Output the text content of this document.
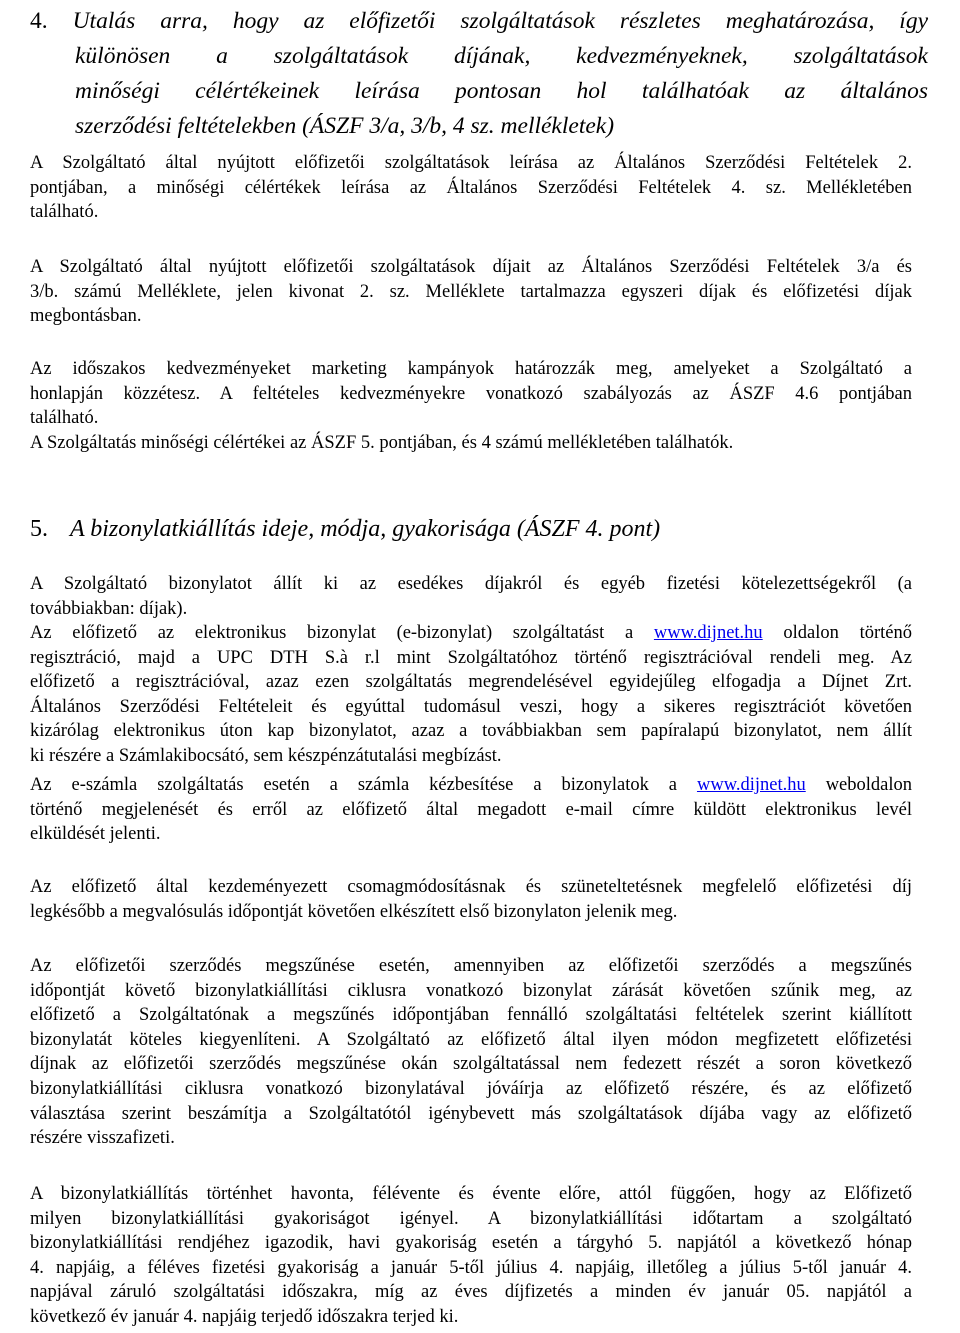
4. Utalás arra, hogy az előfizetői szolgáltatások részletes meghatározása, így
különösen a szolgáltatások díjának, kedvezményeknek, szolgáltatások
minőségi célértékeinek leírása pontosan hol találhatóak az általános
szerződési feltételekben (ÁSZF 3/a, 3/b, 4 sz. mellékletek)
A Szolgáltató által nyújtott előfizetői szolgáltatások leírása az Általános Szerződési Feltételek 2.
pontjában, a minőségi célértékek leírása az Általános Szerződési Feltételek 4. sz. Mellékletében
található.
A Szolgáltató által nyújtott előfizetői szolgáltatások díjait az Általános Szerződési Feltételek 3/a és
3/b. számú Melléklete, jelen kivonat 2. sz. Melléklete tartalmazza egyszeri díjak és előfizetési díjak
megbontásban.
Az időszakos kedvezményeket marketing kampányok határozzák meg, amelyeket a Szolgáltató a
honlapján közzétesz. A feltételes kedvezményekre vonatkozó szabályozás az ÁSZF 4.6 pontjában
található.
A Szolgáltatás minőségi célértékei az ÁSZF 5. pontjában, és 4 számú mellékletében találhatók.
5. A bizonylatkiállítás ideje, módja, gyakorisága (ÁSZF 4. pont)
A Szolgáltató bizonylatot állít ki az esedékes díjakról és egyéb fizetési kötelezettségekről (a
továbbiakban: díjak).
Az előfizető az elektronikus bizonylat (e-bizonylat) szolgáltatást a www.dijnet.hu oldalon történő
regisztráció, majd a UPC DTH S.à r.l mint Szolgáltatóhoz történő regisztrációval rendeli meg. Az
előfizető a regisztrációval, azaz ezen szolgáltatás megrendelésével egyidejűleg elfogadja a Díjnet Zrt.
Általános Szerződési Feltételeit és egyúttal tudomásul veszi, hogy a sikeres regisztrációt követően
kizárólag elektronikus úton kap bizonylatot, azaz a továbbiakban sem papíralapú bizonylatot, nem állít
ki részére a Számlakibocsátó, sem készpénzátutalási megbízást.
Az e-számla szolgáltatás esetén a számla kézbesítése a bizonylatok a www.dijnet.hu weboldalon
történő megjelenését és erről az előfizető által megadott e-mail címre küldött elektronikus levél
elküldését jelenti.
Az előfizető által kezdeményezett csomagmódosításnak és szüneteltetésnek megfelelő előfizetési díj
legkésőbb a megvalósulás időpontját követően elkészített első bizonylaton jelenik meg.
Az előfizetői szerződés megszűnése esetén, amennyiben az előfizetői szerződés a megszűnés
időpontját követő bizonylatkiállítási ciklusra vonatkozó bizonylat zárását követően szűnik meg, az
előfizető a Szolgáltatónak a megszűnés időpontjában fennálló szolgáltatási feltételek szerint kiállított
bizonylatát köteles kiegyenlíteni. A Szolgáltató az előfizető által ilyen módon megfizetett előfizetési
díjnak az előfizetői szerződés megszűnése okán szolgáltatással nem fedezett részét a soron következő
bizonylatkiállítási ciklusra vonatkozó bizonylatával jóváírja az előfizető részére, és az előfizető
választása szerint beszámítja a Szolgáltatótól igénybevett más szolgáltatások díjába vagy az előfizető
részére visszafizeti.
A bizonylatkiállítás történhet havonta, félévente és évente előre, attól függően, hogy az Előfizető
milyen bizonylatkiállítási gyakoriságot igényel. A bizonylatkiállítási időtartam a szolgáltató
bizonylatkiállítási rendjéhez igazodik, havi gyakoriság esetén a tárgyhó 5. napjától a következő hónap
4. napjáig, a féléves fizetési gyakoriság a január 5-től július 4. napjáig, illetőleg a július 5-től január 4.
napjával záruló szolgáltatási időszakra, míg az éves díjfizetés a minden év január 05. napjától a
következő év január 4. napjáig terjedő időszakra terjed ki.
